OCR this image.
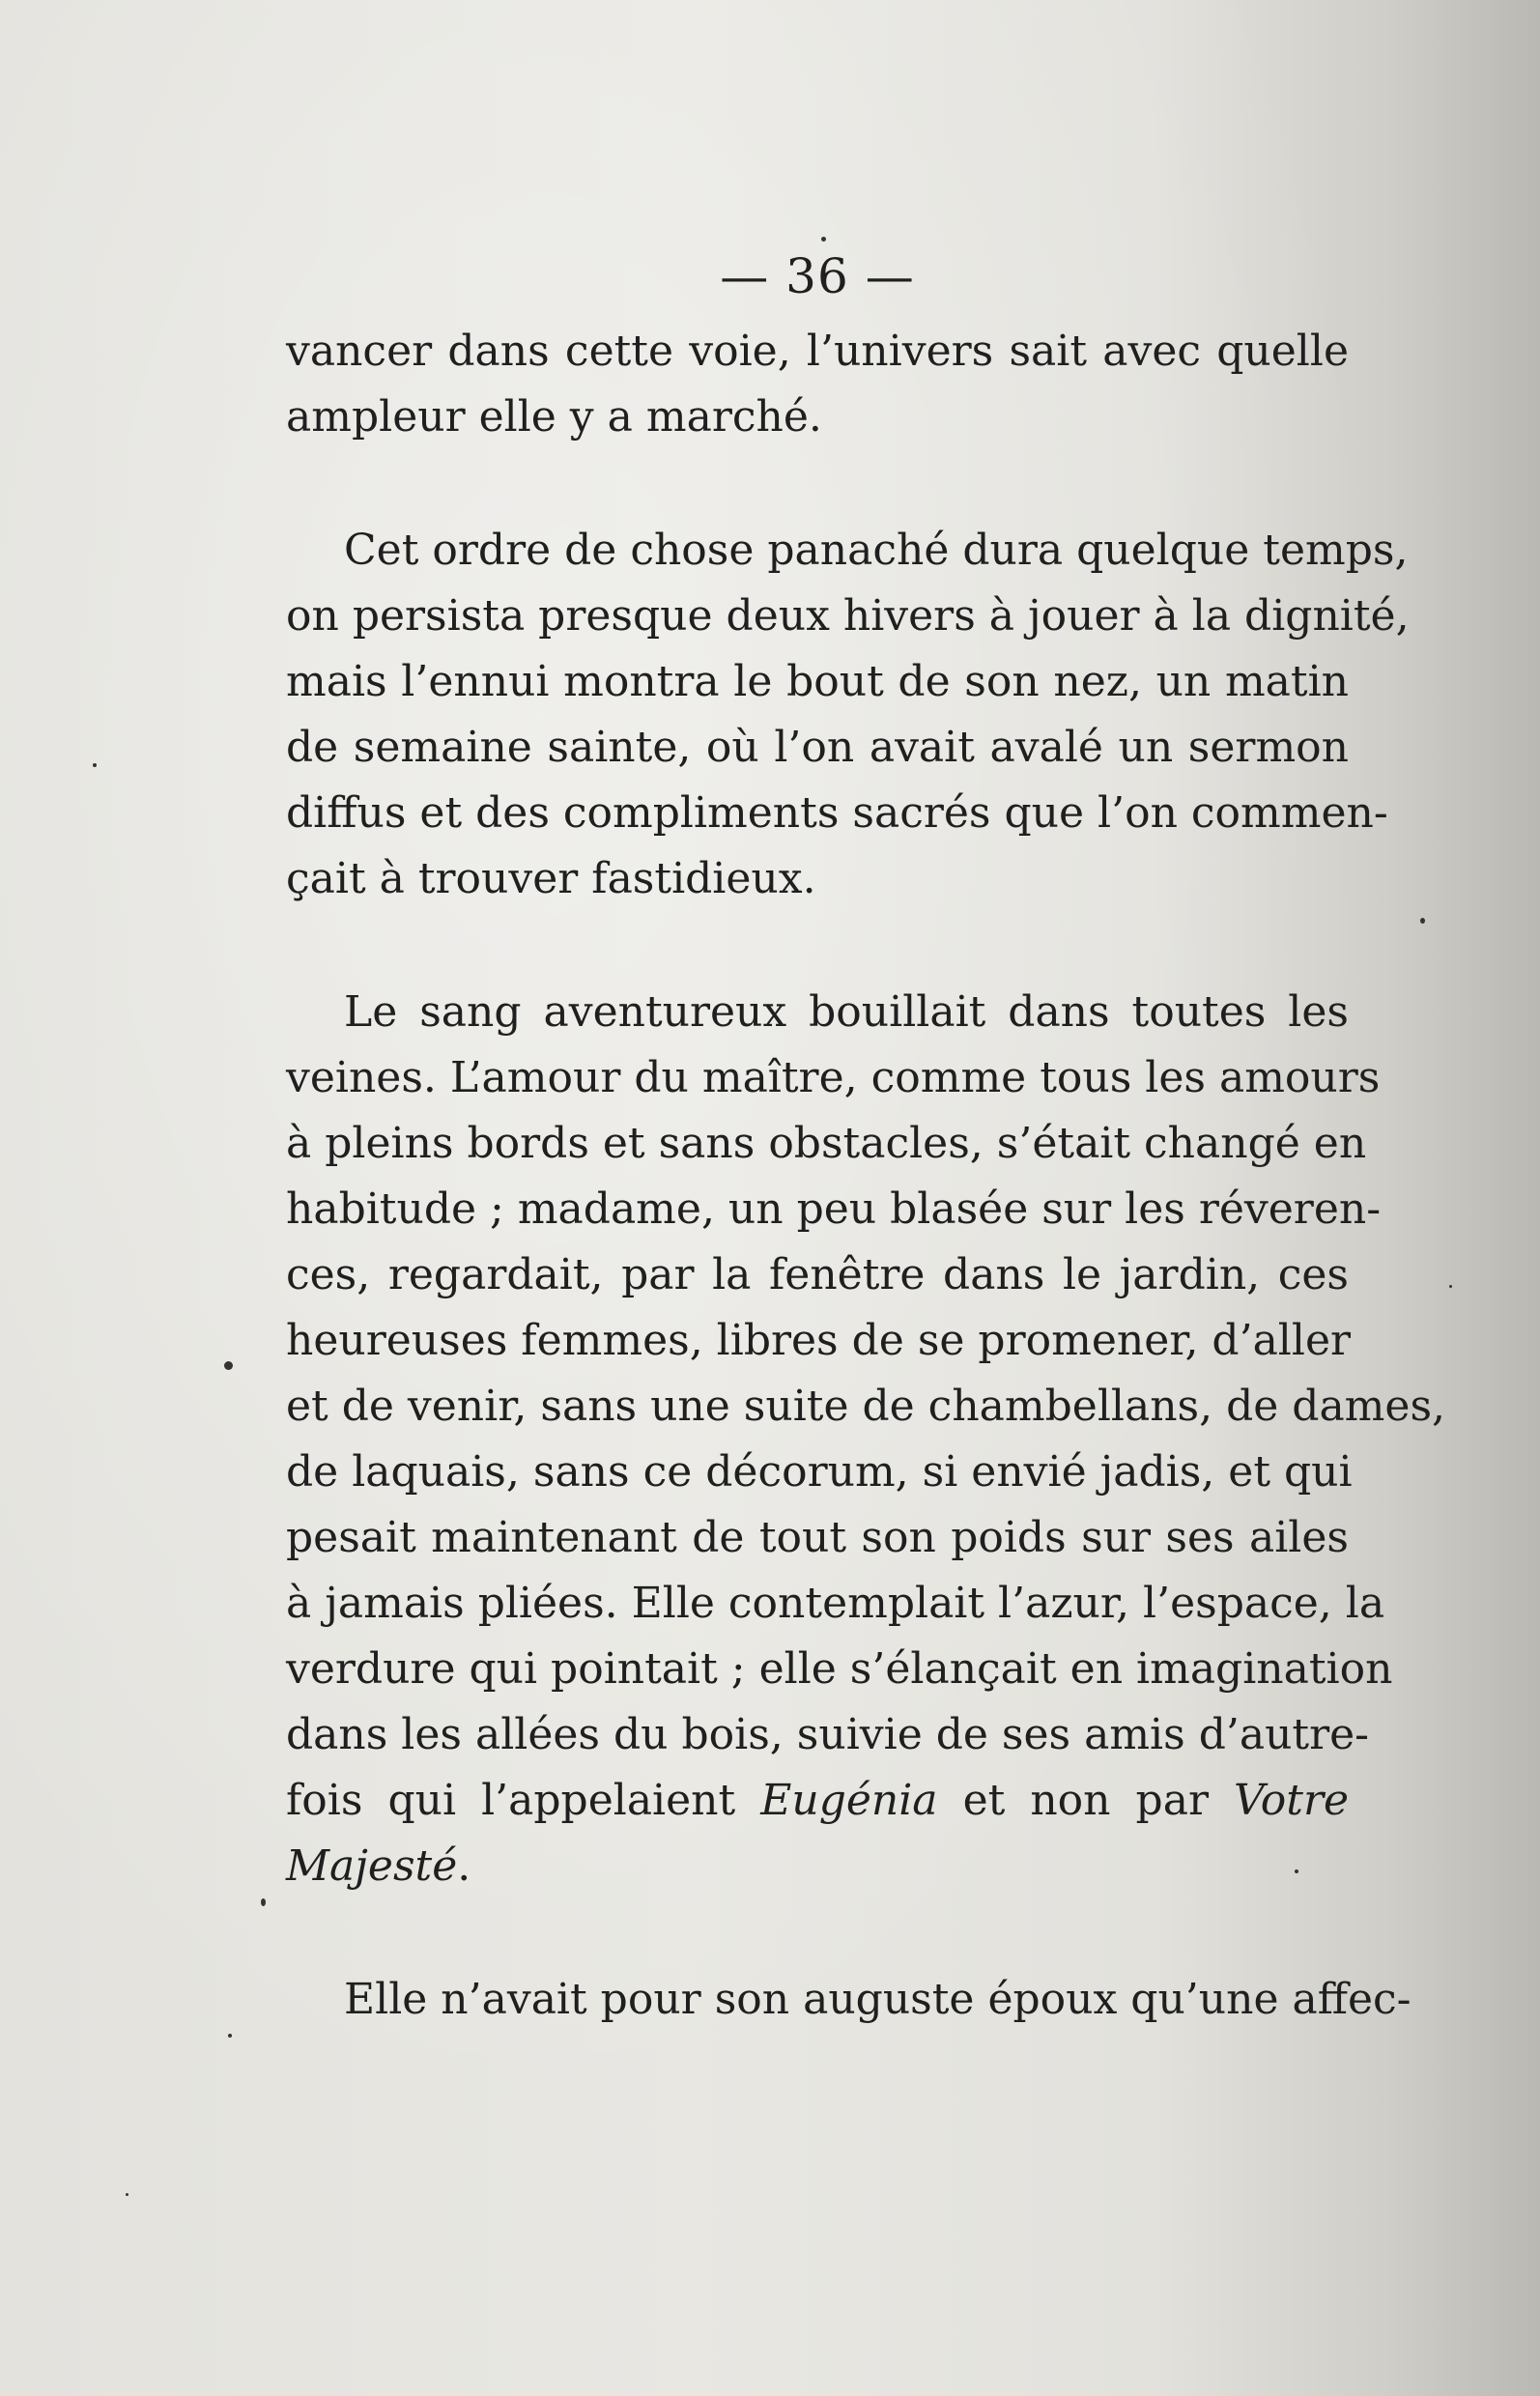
— 36 —
vancer dans cette voie, l’univers sait avec quelle
ampleur elle y a marché.
Cet ordre de chose panaché dura quelque temps,
on persista presque deux hivers à jouer à la dignité,
mais l’ennui montra le bout de son nez, un matin
de semaine sainte, où l’on avait avalé un sermon
diffus et des compliments sacrés que l’on commen-
çait à trouver fastidieux.
Le sang aventureux bouillait dans toutes les
veines. L’amour du maître, comme tous les amours
à pleins bords et sans obstacles, s’était changé en
habitude ; madame, un peu blasée sur les réveren-
ces, regardait, par la fenêtre dans le jardin, ces
heureuses femmes, libres de se promener, d’aller
et de venir, sans une suite de chambellans, de dames,
de laquais, sans ce décorum, si envié jadis, et qui
pesait maintenant de tout son poids sur ses ailes
à jamais pliées. Elle contemplait l’azur, l’espace, la
verdure qui pointait ; elle s’élançait en imagination
dans les allées du bois, suivie de ses amis d’autre-
fois qui l’appelaient Eugénia et non par Votre
Majesté.
Elle n’avait pour son auguste époux qu’une affec-
